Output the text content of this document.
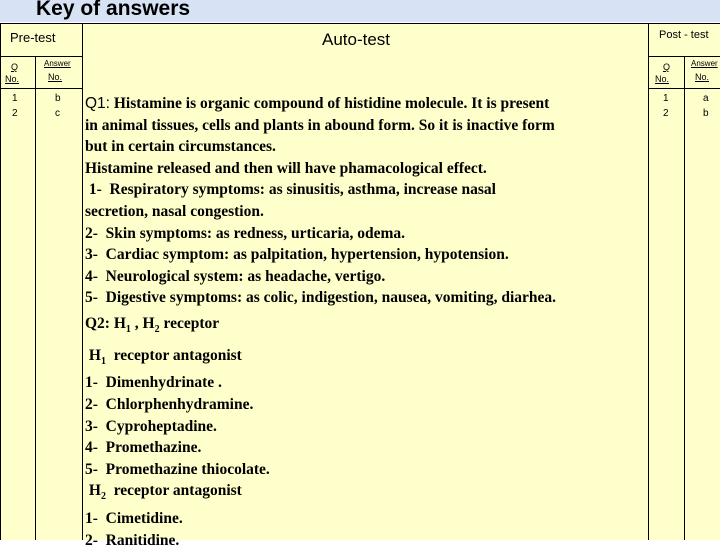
Key of answers
Pre-test
Q
No.
Answer
No.
1	b
2	c
Auto-test	Post - test
Q
No.
Answer
No.
1	a
2	b
Q1: Histamine is organic compound of histidine molecule. It is present
in animal tissues, cells and plants in abound form. So it is inactive form
but in certain circumstances.
Histamine released and then will have phamacological effect.
1-  Respiratory symptoms: as sinusitis, asthma, increase nasal
secretion, nasal congestion.
2-  Skin symptoms: as redness, urticaria, odema.
3-  Cardiac symptom: as palpitation, hypertension, hypotension.
4-  Neurological system: as headache, vertigo.
5-  Digestive symptoms: as colic, indigestion, nausea, vomiting, diarhea.
Q2: $H_1$ , $H_2$ receptor
$H_1$  receptor antagonist
1-  Dimenhydrinate .
2-  Chlorphenhydramine.
3-  Cyproheptadine.
4-  Promethazine.
5-  Promethazine thiocolate.
$H_2$  receptor antagonist
1-  Cimetidine.
2-  Ranitidine.
